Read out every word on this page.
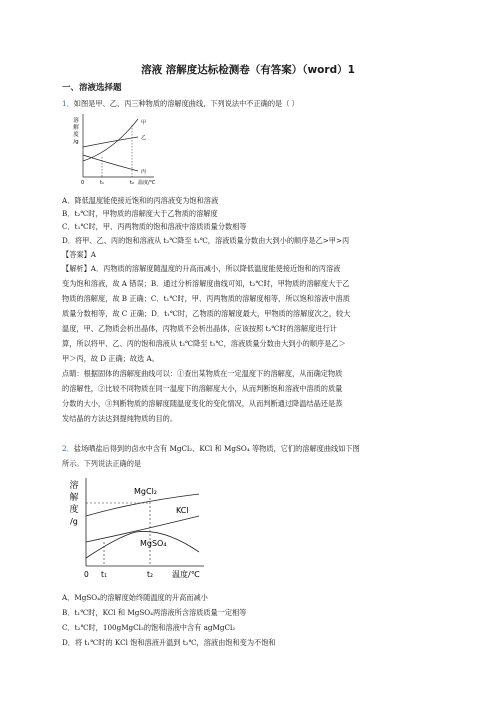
溶液 溶解度达标检测卷（有答案）（word）1
一、溶液选择题
1．如图是甲、乙、丙三种物质的溶解度曲线，下列说法中不正确的是（ ）
溶
解
度
/g
甲
乙
丙
0	t₁	t₂ 温度/℃
A．降低温度能使接近饱和的丙溶液变为饱和溶液
B．t₂℃时，甲物质的溶解度大于乙物质的溶解度
C．t₁℃时，甲、丙两物质的饱和溶液中溶质质量分数相等
D．将甲、乙、丙的饱和溶液从 t₂℃降至 t₁℃，溶液质量分数由大到小的顺序是乙>甲>丙
【答案】A
【解析】A．丙物质的溶解度随温度的升高而减小，所以降低温度能使接近饱和的丙溶液
变为饱和溶液，故 A 错误；B．通过分析溶解度曲线可知，t₂℃时，甲物质的溶解度大于乙
物质的溶解度，故 B 正确；C．t₁℃时，甲、丙两物质的溶解度相等，所以饱和溶液中溶质
质量分数相等，故 C 正确；D．t₁℃时，乙物质的溶解度最大，甲物质的溶解度次之，较大
温度，甲、乙物质会析出晶体，丙物质不会析出晶体，应该按照 t₂℃时的溶解度进行计
算，所以将甲、乙、丙的饱和溶液从 t₂℃降至 t₁℃，溶液质量分数由大到小的顺序是乙＞
甲＞丙，故 D 正确；故选 A。
点睛：根据固体的溶解度曲线可以：①查出某物质在一定温度下的溶解度，从而确定物质
的溶解性，②比较不同物质在同一温度下的溶解度大小，从而判断饱和溶液中溶质的质量
分数的大小，③判断物质的溶解度随温度变化的变化情况，从而判断通过降温结晶还是蒸
发结晶的方法达到提纯物质的目的。
2．盐场晒盐后得到的卤水中含有 MgCl₂、KCl 和 MgSO₄ 等物质，它们的溶解度曲线如下图
所示。下列说法正确的是
溶
解
度
/g
MgCl₂
KCl
MgSO₄
0 t₁	t₂ 温度/℃
A．MgSO₄的溶解度始终随温度的升高而减小
B．t₁℃时，KCl 和 MgSO₄两溶液所含溶质质量一定相等
C．t₂℃时，100gMgCl₂的饱和溶液中含有 agMgCl₂
D．将 t₁℃时的 KCl 饱和溶液升温到 t₂℃，溶液由饱和变为不饱和
